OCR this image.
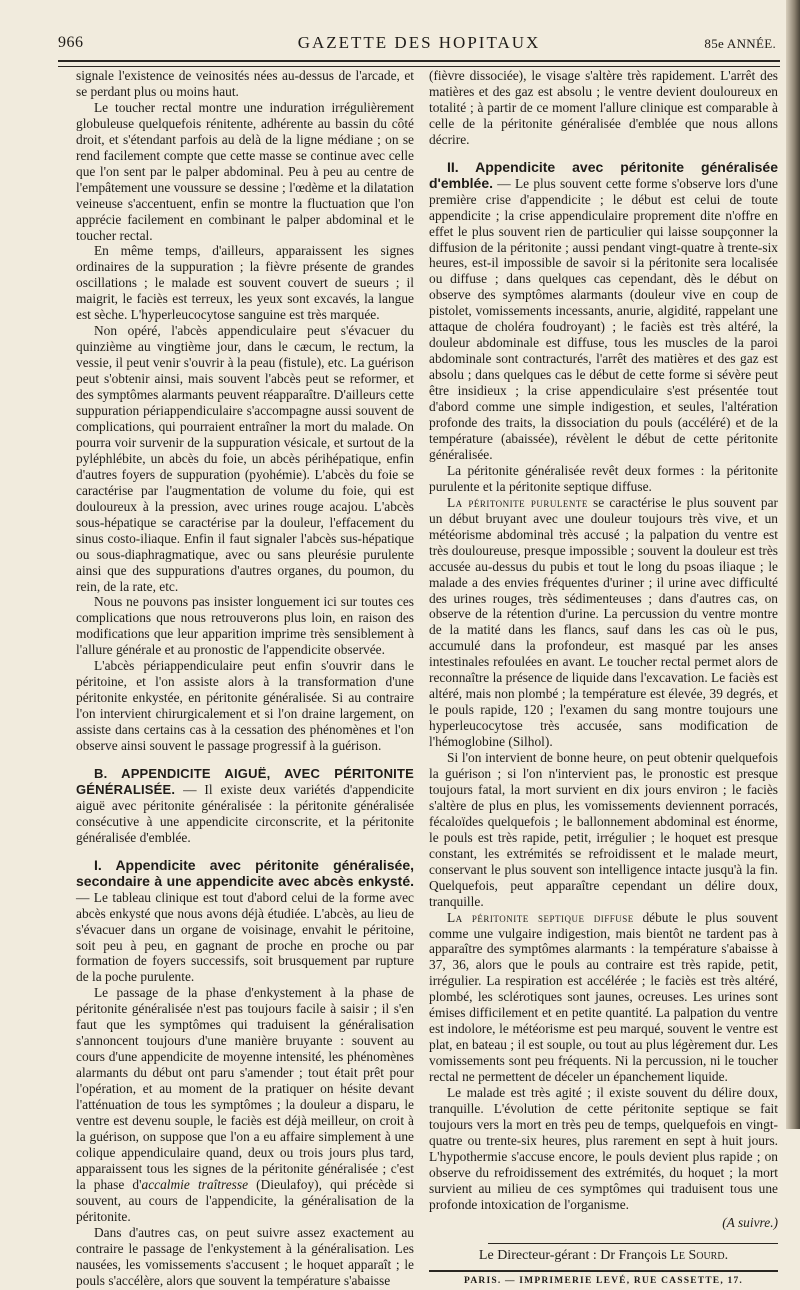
966	GAZETTE DES HOPITAUX	85e ANNÉE.

signale l'existence de veinosités nées au-dessus de l'arcade, et se perdant plus ou moins haut.

Le toucher rectal montre une induration irrégulièrement globuleuse quelquefois rénitente, adhérente au bassin du côté droit, et s'étendant parfois au delà de la ligne médiane ; on se rend facilement compte que cette masse se continue avec celle que l'on sent par le palper abdominal. Peu à peu au centre de l'empâtement une voussure se dessine ; l'œdème et la dilatation veineuse s'accentuent, enfin se montre la fluctuation que l'on apprécie facilement en combinant le palper abdominal et le toucher rectal.

En même temps, d'ailleurs, apparaissent les signes ordinaires de la suppuration ; la fièvre présente de grandes oscillations ; le malade est souvent couvert de sueurs ; il maigrit, le faciès est terreux, les yeux sont excavés, la langue est sèche. L'hyperleucocytose sanguine est très marquée.

Non opéré, l'abcès appendiculaire peut s'évacuer du quinzième au vingtième jour, dans le cæcum, le rectum, la vessie, il peut venir s'ouvrir à la peau (fistule), etc. La guérison peut s'obtenir ainsi, mais souvent l'abcès peut se reformer, et des symptômes alarmants peuvent réapparaître. D'ailleurs cette suppuration périappendiculaire s'accompagne aussi souvent de complications, qui pourraient entraîner la mort du malade. On pourra voir survenir de la suppuration vésicale, et surtout de la pyléphlébite, un abcès du foie, un abcès périhépatique, enfin d'autres foyers de suppuration (pyohémie). L'abcès du foie se caractérise par l'augmentation de volume du foie, qui est douloureux à la pression, avec urines rouge acajou. L'abcès sous-hépatique se caractérise par la douleur, l'effacement du sinus costo-iliaque. Enfin il faut signaler l'abcès sus-hépatique ou sous-diaphragmatique, avec ou sans pleurésie purulente ainsi que des suppurations d'autres organes, du poumon, du rein, de la rate, etc.

Nous ne pouvons pas insister longuement ici sur toutes ces complications que nous retrouverons plus loin, en raison des modifications que leur apparition imprime très sensiblement à l'allure générale et au pronostic de l'appendicite observée.

L'abcès périappendiculaire peut enfin s'ouvrir dans le péritoine, et l'on assiste alors à la transformation d'une péritonite enkystée, en péritonite généralisée. Si au contraire l'on intervient chirurgicalement et si l'on draine largement, on assiste dans certains cas à la cessation des phénomènes et l'on observe ainsi souvent le passage progressif à la guérison.

B. APPENDICITE AIGUË, AVEC PÉRITONITE GÉNÉRALISÉE. — Il existe deux variétés d'appendicite aiguë avec péritonite généralisée : la péritonite généralisée consécutive à une appendicite circonscrite, et la péritonite généralisée d'emblée.

I. Appendicite avec péritonite généralisée, secondaire à une appendicite avec abcès enkysté. — Le tableau clinique est tout d'abord celui de la forme avec abcès enkysté que nous avons déjà étudiée. L'abcès, au lieu de s'évacuer dans un organe de voisinage, envahit le péritoine, soit peu à peu, en gagnant de proche en proche ou par formation de foyers successifs, soit brusquement par rupture de la poche purulente.

Le passage de la phase d'enkystement à la phase de péritonite généralisée n'est pas toujours facile à saisir ; il s'en faut que les symptômes qui traduisent la généralisation s'annoncent toujours d'une manière bruyante : souvent au cours d'une appendicite de moyenne intensité, les phénomènes alarmants du début ont paru s'amender ; tout était prêt pour l'opération, et au moment de la pratiquer on hésite devant l'atténuation de tous les symptômes ; la douleur a disparu, le ventre est devenu souple, le faciès est déjà meilleur, on croit à la guérison, on suppose que l'on a eu affaire simplement à une colique appendiculaire quand, deux ou trois jours plus tard, apparaissent tous les signes de la péritonite généralisée ; c'est la phase d'accalmie traîtresse (Dieulafoy), qui précède si souvent, au cours de l'appendicite, la généralisation de la péritonite.

Dans d'autres cas, on peut suivre assez exactement au contraire le passage de l'enkystement à la généralisation. Les nausées, les vomissements s'accusent ; le hoquet apparaît ; le pouls s'accélère, alors que souvent la température s'abaisse

(fièvre dissociée), le visage s'altère très rapidement. L'arrêt des matières et des gaz est absolu ; le ventre devient douloureux en totalité ; à partir de ce moment l'allure clinique est comparable à celle de la péritonite généralisée d'emblée que nous allons décrire.

II. Appendicite avec péritonite généralisée d'emblée. — Le plus souvent cette forme s'observe lors d'une première crise d'appendicite ; le début est celui de toute appendicite ; la crise appendiculaire proprement dite n'offre en effet le plus souvent rien de particulier qui laisse soupçonner la diffusion de la péritonite ; aussi pendant vingt-quatre à trente-six heures, est-il impossible de savoir si la péritonite sera localisée ou diffuse ; dans quelques cas cependant, dès le début on observe des symptômes alarmants (douleur vive en coup de pistolet, vomissements incessants, anurie, algidité, rappelant une attaque de choléra foudroyant) ; le faciès est très altéré, la douleur abdominale est diffuse, tous les muscles de la paroi abdominale sont contracturés, l'arrêt des matières et des gaz est absolu ; dans quelques cas le début de cette forme si sévère peut être insidieux ; la crise appendiculaire s'est présentée tout d'abord comme une simple indigestion, et seules, l'altération profonde des traits, la dissociation du pouls (accéléré) et de la température (abaissée), révèlent le début de cette péritonite généralisée.

La péritonite généralisée revêt deux formes : la péritonite purulente et la péritonite septique diffuse.

La péritonite purulente se caractérise le plus souvent par un début bruyant avec une douleur toujours très vive, et un météorisme abdominal très accusé ; la palpation du ventre est très douloureuse, presque impossible ; souvent la douleur est très accusée au-dessus du pubis et tout le long du psoas iliaque ; le malade a des envies fréquentes d'uriner ; il urine avec difficulté des urines rouges, très sédimenteuses ; dans d'autres cas, on observe de la rétention d'urine. La percussion du ventre montre de la matité dans les flancs, sauf dans les cas où le pus, accumulé dans la profondeur, est masqué par les anses intestinales refoulées en avant. Le toucher rectal permet alors de reconnaître la présence de liquide dans l'excavation. Le faciès est altéré, mais non plombé ; la température est élevée, 39 degrés, et le pouls rapide, 120 ; l'examen du sang montre toujours une hyperleucocytose très accusée, sans modification de l'hémoglobine (Silhol).

Si l'on intervient de bonne heure, on peut obtenir quelquefois la guérison ; si l'on n'intervient pas, le pronostic est presque toujours fatal, la mort survient en dix jours environ ; le faciès s'altère de plus en plus, les vomissements deviennent porracés, fécaloïdes quelquefois ; le ballonnement abdominal est énorme, le pouls est très rapide, petit, irrégulier ; le hoquet est presque constant, les extrémités se refroidissent et le malade meurt, conservant le plus souvent son intelligence intacte jusqu'à la fin. Quelquefois, peut apparaître cependant un délire doux, tranquille.

La péritonite septique diffuse débute le plus souvent comme une vulgaire indigestion, mais bientôt ne tardent pas à apparaître des symptômes alarmants : la température s'abaisse à 37, 36, alors que le pouls au contraire est très rapide, petit, irrégulier. La respiration est accélérée ; le faciès est très altéré, plombé, les sclérotiques sont jaunes, ocreuses. Les urines sont émises difficilement et en petite quantité. La palpation du ventre est indolore, le météorisme est peu marqué, souvent le ventre est plat, en bateau ; il est souple, ou tout au plus légèrement dur. Les vomissements sont peu fréquents. Ni la percussion, ni le toucher rectal ne permettent de déceler un épanchement liquide.

Le malade est très agité ; il existe souvent du délire doux, tranquille. L'évolution de cette péritonite septique se fait toujours vers la mort en très peu de temps, quelquefois en vingt-quatre ou trente-six heures, plus rarement en sept à huit jours. L'hypothermie s'accuse encore, le pouls devient plus rapide ; on observe du refroidissement des extrémités, du hoquet ; la mort survient au milieu de ces symptômes qui traduisent tous une profonde intoxication de l'organisme.

(A suivre.)

Le Directeur-gérant : Dr François Le Sourd.

PARIS. — IMPRIMERIE LEVÉ, RUE CASSETTE, 17.
